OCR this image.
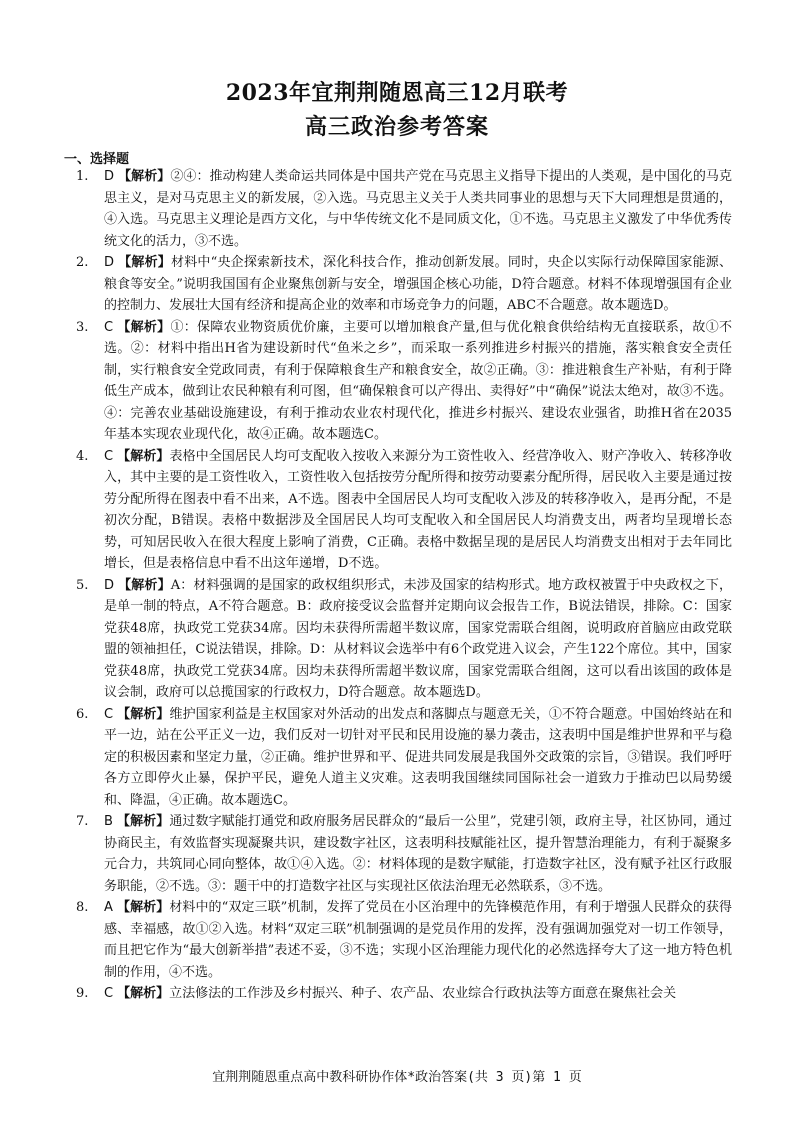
2023年宜荆荆随恩高三12月联考
高三政治参考答案
一、选择题
1. D 【解析】②④：推动构建人类命运共同体是中国共产党在马克思主义指导下提出的人类观，是中国化的马克思主义，是对马克思主义的新发展，②入选。马克思主义关于人类共同事业的思想与天下大同理想是贯通的，④入选。马克思主义理论是西方文化，与中华传统文化不是同质文化，①不选。马克思主义激发了中华优秀传统文化的活力，③不选。
2. D 【解析】材料中“央企探索新技术，深化科技合作，推动创新发展。同时，央企以实际行动保障国家能源、粮食等安全。”说明我国国有企业聚焦创新与安全，增强国企核心功能，D符合题意。材料不体现增强国有企业的控制力、发展壮大国有经济和提高企业的效率和市场竞争力的问题，ABC不合题意。故本题选D。
3. C 【解析】①：保障农业物资质优价廉，主要可以增加粮食产量,但与优化粮食供给结构无直接联系，故①不选。②：材料中指出H省为建设新时代“鱼米之乡”，而采取一系列推进乡村振兴的措施，落实粮食安全责任制，实行粮食安全党政同责，有利于保障粮食生产和粮食安全，故②正确。③：推进粮食生产补贴，有利于降低生产成本，做到让农民种粮有利可图，但“确保粮食可以产得出、卖得好”中“确保”说法太绝对，故③不选。④：完善农业基础设施建设，有利于推动农业农村现代化，推进乡村振兴、建设农业强省，助推H省在2035年基本实现农业现代化，故④正确。故本题选C。
4. C 【解析】表格中全国居民人均可支配收入按收入来源分为工资性收入、经营净收入、财产净收入、转移净收入，其中主要的是工资性收入，工资性收入包括按劳分配所得和按劳动要素分配所得，居民收入主要是通过按劳分配所得在图表中看不出来，A不选。图表中全国居民人均可支配收入涉及的转移净收入，是再分配，不是初次分配，B错误。表格中数据涉及全国居民人均可支配收入和全国居民人均消费支出，两者均呈现增长态势，可知居民收入在很大程度上影响了消费，C正确。表格中数据呈现的是居民人均消费支出相对于去年同比增长，但是表格信息中看不出这年递增，D不选。
5. D 【解析】A：材料强调的是国家的政权组织形式，未涉及国家的结构形式。地方政权被置于中央政权之下，是单一制的特点，A不符合题意。B：政府接受议会监督并定期向议会报告工作，B说法错误，排除。C：国家党获48席，执政党工党获34席。因均未获得所需超半数议席，国家党需联合组阁，说明政府首脑应由政党联盟的领袖担任，C说法错误，排除。D：从材料议会选举中有6个政党进入议会，产生122个席位。其中，国家党获48席，执政党工党获34席。因均未获得所需超半数议席，国家党需联合组阁，这可以看出该国的政体是议会制，政府可以总揽国家的行政权力，D符合题意。故本题选D。
6. C 【解析】维护国家利益是主权国家对外活动的出发点和落脚点与题意无关，①不符合题意。中国始终站在和平一边，站在公平正义一边，我们反对一切针对平民和民用设施的暴力袭击，这表明中国是维护世界和平与稳定的积极因素和坚定力量，②正确。维护世界和平、促进共同发展是我国外交政策的宗旨，③错误。我们呼吁各方立即停火止暴，保护平民，避免人道主义灾难。这表明我国继续同国际社会一道致力于推动巴以局势缓和、降温，④正确。故本题选C。
7. B 【解析】通过数字赋能打通党和政府服务居民群众的“最后一公里”，党建引领，政府主导，社区协同，通过协商民主，有效监督实现凝聚共识，建设数字社区，这表明科技赋能社区，提升智慧治理能力，有利于凝聚多元合力，共筑同心同向整体，故①④入选。②：材料体现的是数字赋能，打造数字社区，没有赋予社区行政服务职能，②不选。③：题干中的打造数字社区与实现社区依法治理无必然联系，③不选。
8. A 【解析】材料中的“双定三联”机制，发挥了党员在小区治理中的先锋模范作用，有利于增强人民群众的获得感、幸福感，故①②入选。材料“双定三联”机制强调的是党员作用的发挥，没有强调加强党对一切工作领导，而且把它作为“最大创新举措”表述不妥，③不选；实现小区治理能力现代化的必然选择夸大了这一地方特色机制的作用，④不选。
9. C 【解析】立法修法的工作涉及乡村振兴、种子、农产品、农业综合行政执法等方面意在聚焦社会关
宜荆荆随恩重点高中教科研协作体*政治答案(共 3 页)第 1 页
